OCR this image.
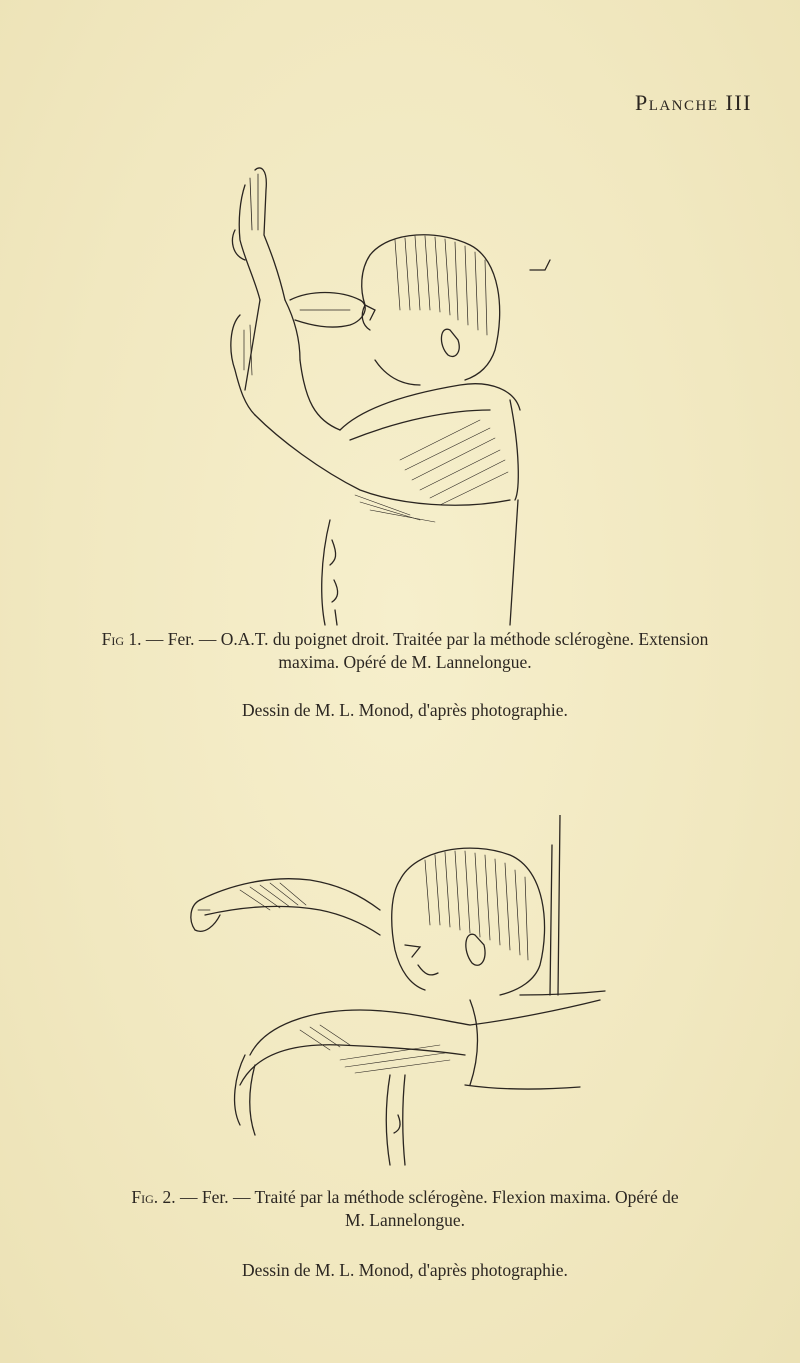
Planche III
Fig 1. — Fer. — O.A.T. du poignet droit. Traitée par la méthode sclérogène. Extension
maxima. Opéré de M. Lannelongue.
Dessin de M. L. Monod, d'après photographie.
Fig. 2. — Fer. — Traité par la méthode sclérogène. Flexion maxima. Opéré de
M. Lannelongue.
Dessin de M. L. Monod, d'après photographie.
